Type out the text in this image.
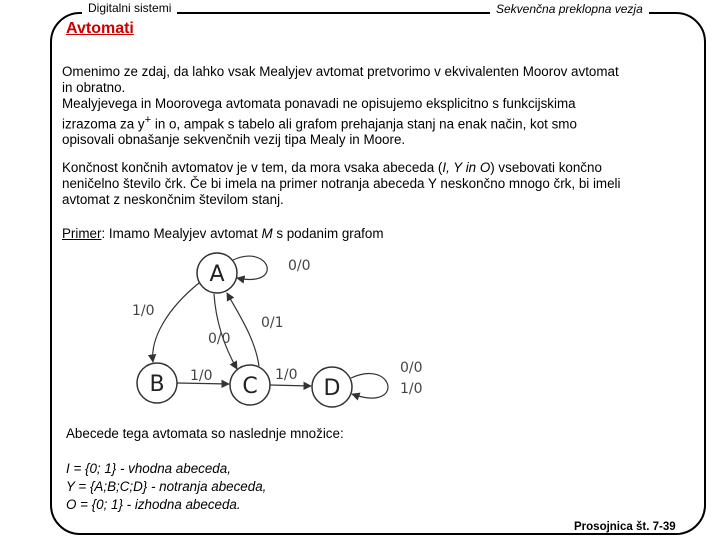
Digitalni sistemi	Sekvenčna preklopna vezja
Avtomati

Omenimo ze zdaj, da lahko vsak Mealyjev avtomat pretvorimo v ekvivalenten Moorov avtomat
in obratno.
Mealyjevega in Moorovega avtomata ponavadi ne opisujemo eksplicitno s funkcijskima
izrazoma za y+ in o, ampak s tabelo ali grafom prehajanja stanj na enak način, kot smo
opisovali obnašanje sekvenčnih vezij tipa Mealy in Moore.

Končnost končnih avtomatov je v tem, da mora vsaka abeceda (I, Y in O) vsebovati končno
neničelno število črk. Če bi imela na primer notranja abeceda Y neskončno mnogo črk, bi imeli
avtomat z neskončnim številom stanj.

Primer: Imamo Mealyjev avtomat M s podanim grafom

A
B	C	D
0/0
1/0
0/1
0/0
1/0	1/0	0/0
1/0

Abecede tega avtomata so naslednje množice:

I = {0; 1} - vhodna abeceda,
Y = {A;B;C;D} - notranja abeceda,
O = {0; 1} - izhodna abeceda.
Prosojnica št. 7-39
